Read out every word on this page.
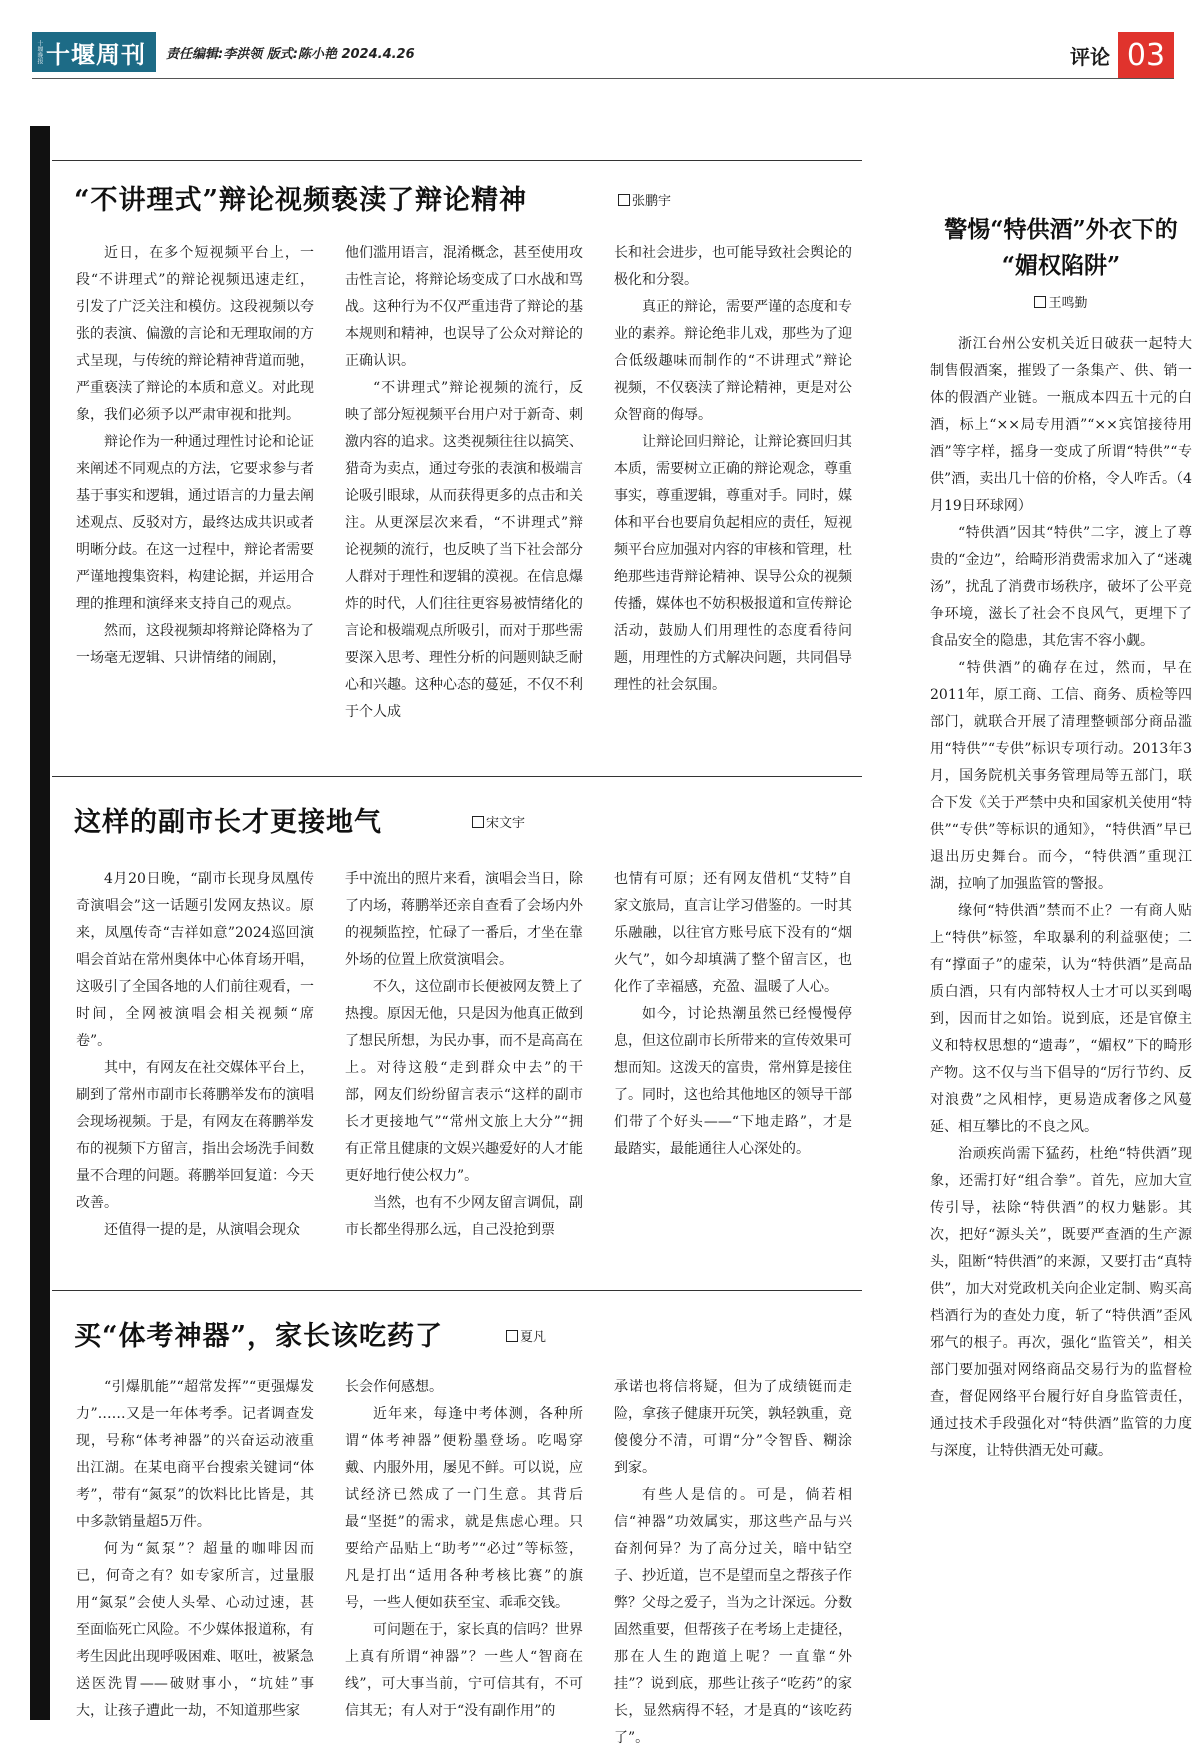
十堰晚报 十堰周刊 责任编辑:李洪领 版式:陈小艳 2024.4.26	评论 03
“不讲理式”辩论视频亵渎了辩论精神	张鹏宇

近日，在多个短视频平台上，一段“不讲理式”的辩论视频迅速走红，引发了广泛关注和模仿。这段视频以夸张的表演、偏激的言论和无理取闹的方式呈现，与传统的辩论精神背道而驰，严重亵渎了辩论的本质和意义。对此现象，我们必须予以严肃审视和批判。

辩论作为一种通过理性讨论和论证来阐述不同观点的方法，它要求参与者基于事实和逻辑，通过语言的力量去阐述观点、反驳对方，最终达成共识或者明晰分歧。在这一过程中，辩论者需要严谨地搜集资料，构建论据，并运用合理的推理和演绎来支持自己的观点。

然而，这段视频却将辩论降格为了一场毫无逻辑、只讲情绪的闹剧，

他们滥用语言，混淆概念，甚至使用攻击性言论，将辩论场变成了口水战和骂战。这种行为不仅严重违背了辩论的基本规则和精神，也误导了公众对辩论的正确认识。

“不讲理式”辩论视频的流行，反映了部分短视频平台用户对于新奇、刺激内容的追求。这类视频往往以搞笑、猎奇为卖点，通过夸张的表演和极端言论吸引眼球，从而获得更多的点击和关注。从更深层次来看，“不讲理式”辩论视频的流行，也反映了当下社会部分人群对于理性和逻辑的漠视。在信息爆炸的时代，人们往往更容易被情绪化的言论和极端观点所吸引，而对于那些需要深入思考、理性分析的问题则缺乏耐心和兴趣。这种心态的蔓延，不仅不利于个人成

长和社会进步，也可能导致社会舆论的极化和分裂。

真正的辩论，需要严谨的态度和专业的素养。辩论绝非儿戏，那些为了迎合低级趣味而制作的“不讲理式”辩论视频，不仅亵渎了辩论精神，更是对公众智商的侮辱。

让辩论回归辩论，让辩论赛回归其本质，需要树立正确的辩论观念，尊重事实，尊重逻辑，尊重对手。同时，媒体和平台也要肩负起相应的责任，短视频平台应加强对内容的审核和管理，杜绝那些违背辩论精神、误导公众的视频传播，媒体也不妨积极报道和宣传辩论活动，鼓励人们用理性的态度看待问题，用理性的方式解决问题，共同倡导理性的社会氛围。

这样的副市长才更接地气	宋文宇

4月20日晚，“副市长现身凤凰传奇演唱会”这一话题引发网友热议。原来，凤凰传奇“吉祥如意”2024巡回演唱会首站在常州奥体中心体育场开唱，这吸引了全国各地的人们前往观看，一时间，全网被演唱会相关视频“席卷”。

其中，有网友在社交媒体平台上，刷到了常州市副市长蒋鹏举发布的演唱会现场视频。于是，有网友在蒋鹏举发布的视频下方留言，指出会场洗手间数量不合理的问题。蒋鹏举回复道：今天改善。

还值得一提的是，从演唱会现众

手中流出的照片来看，演唱会当日，除了内场，蒋鹏举还亲自查看了会场内外的视频监控，忙碌了一番后，才坐在靠外场的位置上欣赏演唱会。

不久，这位副市长便被网友赞上了热搜。原因无他，只是因为他真正做到了想民所想，为民办事，而不是高高在上。对待这般“走到群众中去”的干部，网友们纷纷留言表示“这样的副市长才更接地气”“常州文旅上大分”“拥有正常且健康的文娱兴趣爱好的人才能更好地行使公权力”。

当然，也有不少网友留言调侃，副市长都坐得那么远，自己没抢到票

也情有可原；还有网友借机“艾特”自家文旅局，直言让学习借鉴的。一时其乐融融，以往官方账号底下没有的“烟火气”，如今却填满了整个留言区，也化作了幸福感，充盈、温暖了人心。

如今，讨论热潮虽然已经慢慢停息，但这位副市长所带来的宣传效果可想而知。这泼天的富贵，常州算是接住了。同时，这也给其他地区的领导干部们带了个好头——“下地走路”，才是最踏实，最能通往人心深处的。

买“体考神器”，家长该吃药了	夏凡

“引爆肌能”“超常发挥”“更强爆发力”……又是一年体考季。记者调查发现，号称“体考神器”的兴奋运动液重出江湖。在某电商平台搜索关键词“体考”，带有“氮泵”的饮料比比皆是，其中多款销量超5万件。

何为“氮泵”？超量的咖啡因而已，何奇之有？如专家所言，过量服用“氮泵”会使人头晕、心动过速，甚至面临死亡风险。不少媒体报道称，有考生因此出现呼吸困难、呕吐，被紧急送医洗胃——破财事小，“坑娃”事大，让孩子遭此一劫，不知道那些家

长会作何感想。

近年来，每逢中考体测，各种所谓“体考神器”便粉墨登场。吃喝穿戴、内服外用，屡见不鲜。可以说，应试经济已然成了一门生意。其背后最“坚挺”的需求，就是焦虑心理。只要给产品贴上“助考”“必过”等标签，凡是打出“适用各种考核比赛”的旗号，一些人便如获至宝、乖乖交钱。

可问题在于，家长真的信吗？世界上真有所谓“神器”？一些人“智商在线”，可大事当前，宁可信其有，不可信其无；有人对于“没有副作用”的

承诺也将信将疑，但为了成绩铤而走险，拿孩子健康开玩笑，孰轻孰重，竟傻傻分不清，可谓“分”令智昏、糊涂到家。

有些人是信的。可是，倘若相信“神器”功效属实，那这些产品与兴奋剂何异？为了高分过关，暗中钻空子、抄近道，岂不是望而皇之帮孩子作弊？父母之爱子，当为之计深远。分数固然重要，但帮孩子在考场上走捷径，那在人生的跑道上呢？一直靠“外挂”？说到底，那些让孩子“吃药”的家长，显然病得不轻，才是真的“该吃药了”。

警惕“特供酒”外衣下的
“媚权陷阱”
王鸣勤

浙江台州公安机关近日破获一起特大制售假酒案，摧毁了一条集产、供、销一体的假酒产业链。一瓶成本四五十元的白酒，标上“××局专用酒”“××宾馆接待用酒”等字样，摇身一变成了所谓“特供”“专供”酒，卖出几十倍的价格，令人咋舌。（4月19日环球网）

“特供酒”因其“特供”二字，渡上了尊贵的“金边”，给畸形消费需求加入了“迷魂汤”，扰乱了消费市场秩序，破坏了公平竞争环境，滋长了社会不良风气，更埋下了食品安全的隐患，其危害不容小觑。

“特供酒”的确存在过，然而，早在2011年，原工商、工信、商务、质检等四部门，就联合开展了清理整顿部分商品滥用“特供”“专供”标识专项行动。2013年3月，国务院机关事务管理局等五部门，联合下发《关于严禁中央和国家机关使用“特供”“专供”等标识的通知》，“特供酒”早已退出历史舞台。而今，“特供酒”重现江湖，拉响了加强监管的警报。

缘何“特供酒”禁而不止？一有商人贴上“特供”标签，牟取暴利的利益驱使；二有“撑面子”的虚荣，认为“特供酒”是高品质白酒，只有内部特权人士才可以买到喝到，因而甘之如饴。说到底，还是官僚主义和特权思想的“遗毒”，“媚权”下的畸形产物。这不仅与当下倡导的“厉行节约、反对浪费”之风相悖，更易造成奢侈之风蔓延、相互攀比的不良之风。

治顽疾尚需下猛药，杜绝“特供酒”现象，还需打好“组合拳”。首先，应加大宣传引导，祛除“特供酒”的权力魅影。其次，把好“源头关”，既要严查酒的生产源头，阻断“特供酒”的来源，又要打击“真特供”，加大对党政机关向企业定制、购买高档酒行为的查处力度，斩了“特供酒”歪风邪气的根子。再次，强化“监管关”，相关部门要加强对网络商品交易行为的监督检查，督促网络平台履行好自身监管责任，通过技术手段强化对“特供酒”监管的力度与深度，让特供酒无处可藏。
